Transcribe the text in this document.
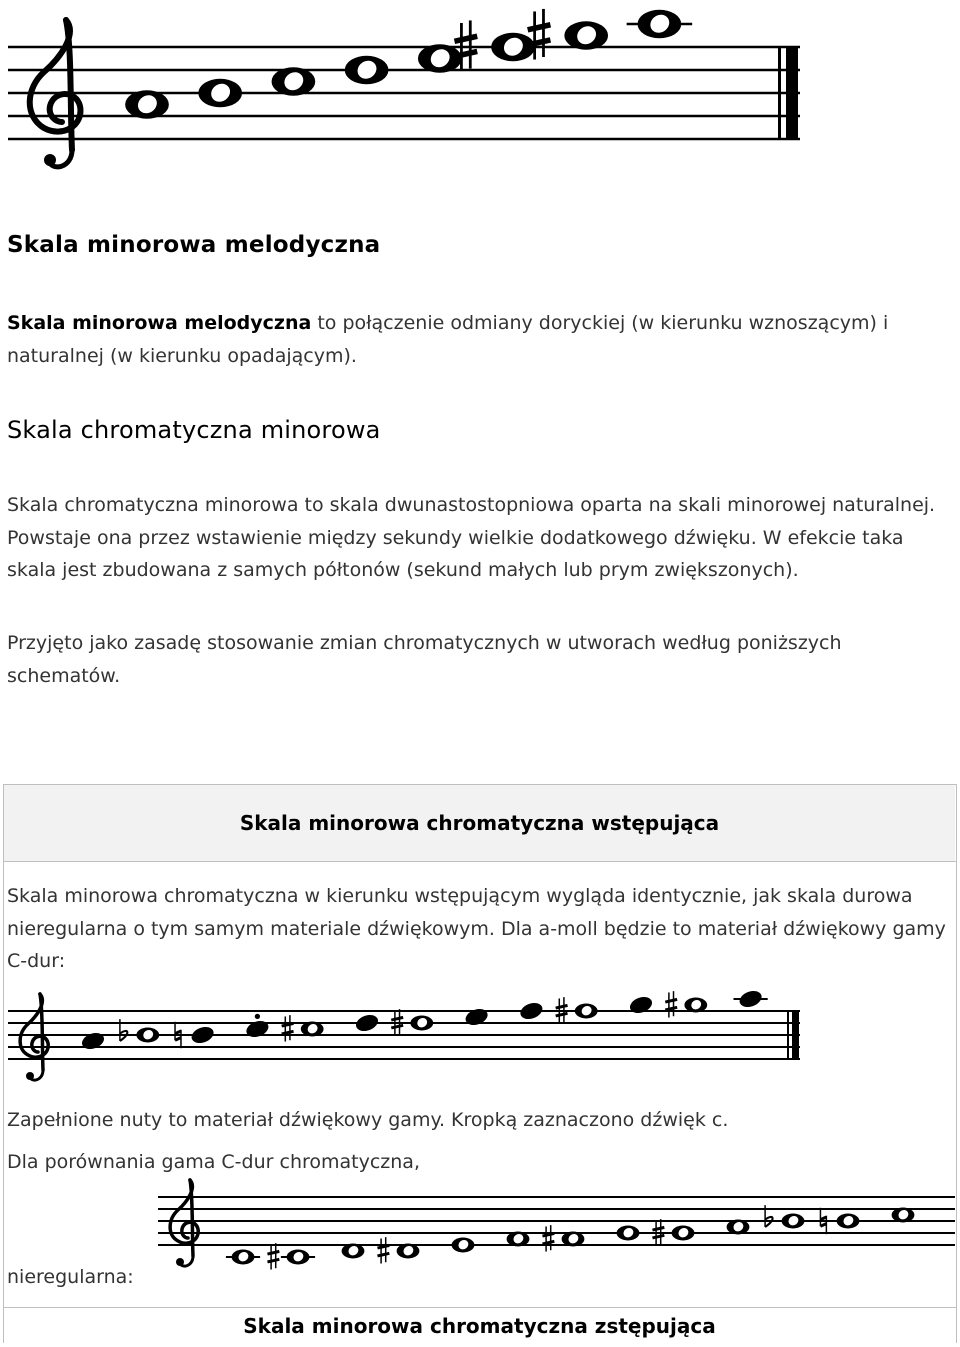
Skala minorowa melodyczna

Skala minorowa melodyczna to połączenie odmiany doryckiej (w kierunku wznoszącym) i naturalnej (w kierunku opadającym).

Skala chromatyczna minorowa

Skala chromatyczna minorowa to skala dwunastostopniowa oparta na skali minorowej naturalnej. Powstaje ona przez wstawienie między sekundy wielkie dodatkowego dźwięku. W efekcie taka skala jest zbudowana z samych półtonów (sekund małych lub prym zwiększonych).

Przyjęto jako zasadę stosowanie zmian chromatycznych w utworach według poniższych schematów.

Skala minorowa chromatyczna wstępująca

Skala minorowa chromatyczna w kierunku wstępującym wygląda identycznie, jak skala durowa nieregularna o tym samym materiale dźwiękowym. Dla a-moll będzie to materiał dźwiękowy gamy C-dur:

Zapełnione nuty to materiał dźwiękowy gamy. Kropką zaznaczono dźwięk c.

Dla porównania gama C-dur chromatyczna,

nieregularna:

Skala minorowa chromatyczna zstępująca
